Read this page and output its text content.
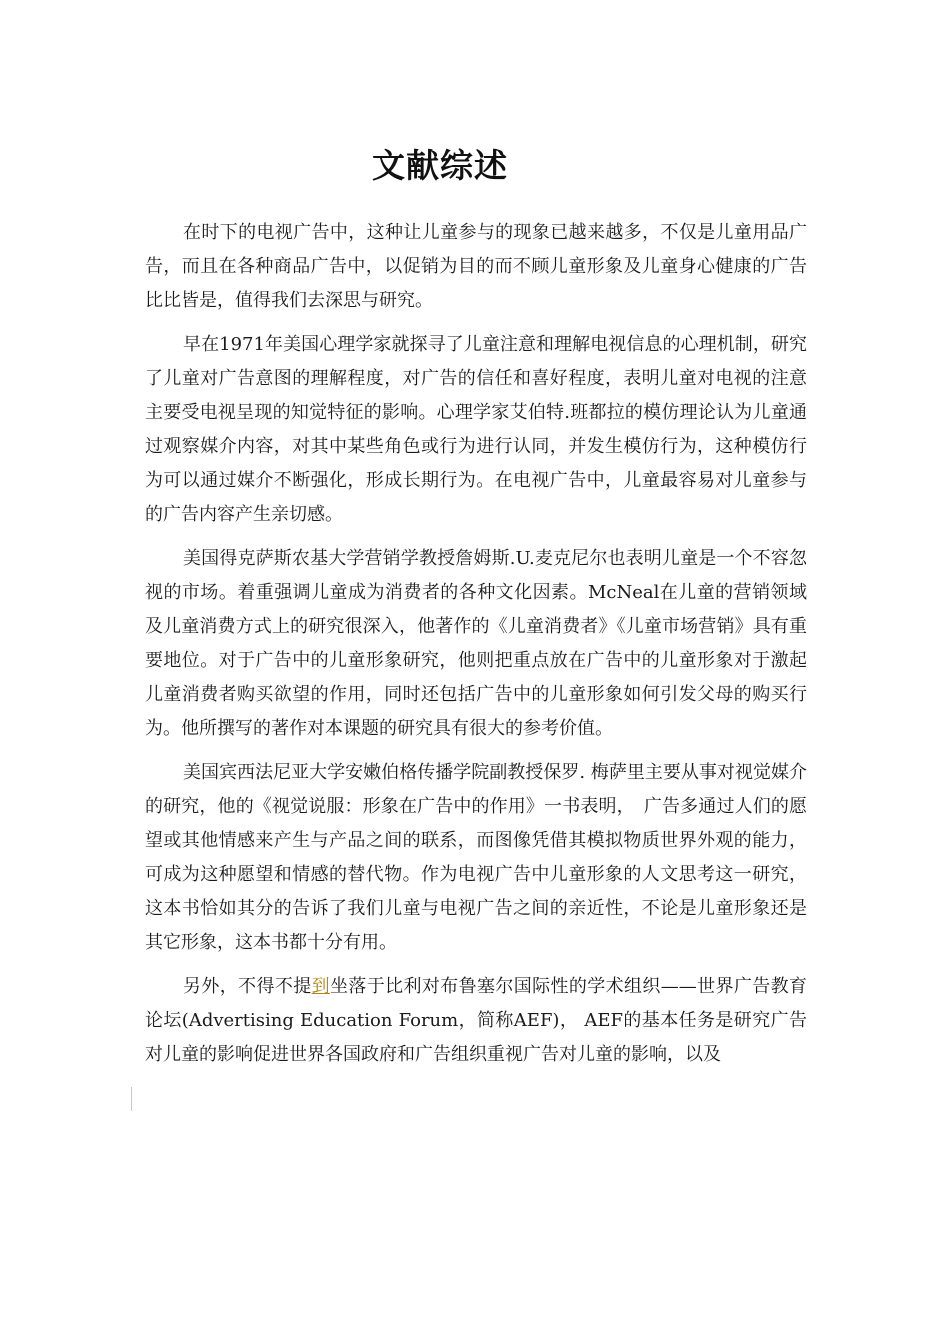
文献综述

在时下的电视广告中，这种让儿童参与的现象已越来越多，不仅是儿童用品广告，而且在各种商品广告中，以促销为目的而不顾儿童形象及儿童身心健康的广告比比皆是，值得我们去深思与研究。

早在1971年美国心理学家就探寻了儿童注意和理解电视信息的心理机制，研究了儿童对广告意图的理解程度，对广告的信任和喜好程度，表明儿童对电视的注意主要受电视呈现的知觉特征的影响。心理学家艾伯特.班都拉的模仿理论认为儿童通过观察媒介内容，对其中某些角色或行为进行认同，并发生模仿行为，这种模仿行为可以通过媒介不断强化，形成长期行为。在电视广告中，儿童最容易对儿童参与的广告内容产生亲切感。

美国得克萨斯农基大学营销学教授詹姆斯.U.麦克尼尔也表明儿童是一个不容忽视的市场。着重强调儿童成为消费者的各种文化因素。McNeal在儿童的营销领域及儿童消费方式上的研究很深入，他著作的《儿童消费者》《儿童市场营销》具有重要地位。对于广告中的儿童形象研究，他则把重点放在广告中的儿童形象对于激起儿童消费者购买欲望的作用，同时还包括广告中的儿童形象如何引发父母的购买行为。他所撰写的著作对本课题的研究具有很大的参考价值。

美国宾西法尼亚大学安嫩伯格传播学院副教授保罗. 梅萨里主要从事对视觉媒介的研究，他的《视觉说服：形象在广告中的作用》一书表明，　广告多通过人们的愿望或其他情感来产生与产品之间的联系，而图像凭借其模拟物质世界外观的能力，可成为这种愿望和情感的替代物。作为电视广告中儿童形象的人文思考这一研究，这本书恰如其分的告诉了我们儿童与电视广告之间的亲近性，不论是儿童形象还是其它形象，这本书都十分有用。

另外，不得不提到坐落于比利对布鲁塞尔国际性的学术组织——世界广告教育论坛(Advertising Education Forum，简称AEF)， AEF的基本任务是研究广告对儿童的影响促进世界各国政府和广告组织重视广告对儿童的影响，以及
